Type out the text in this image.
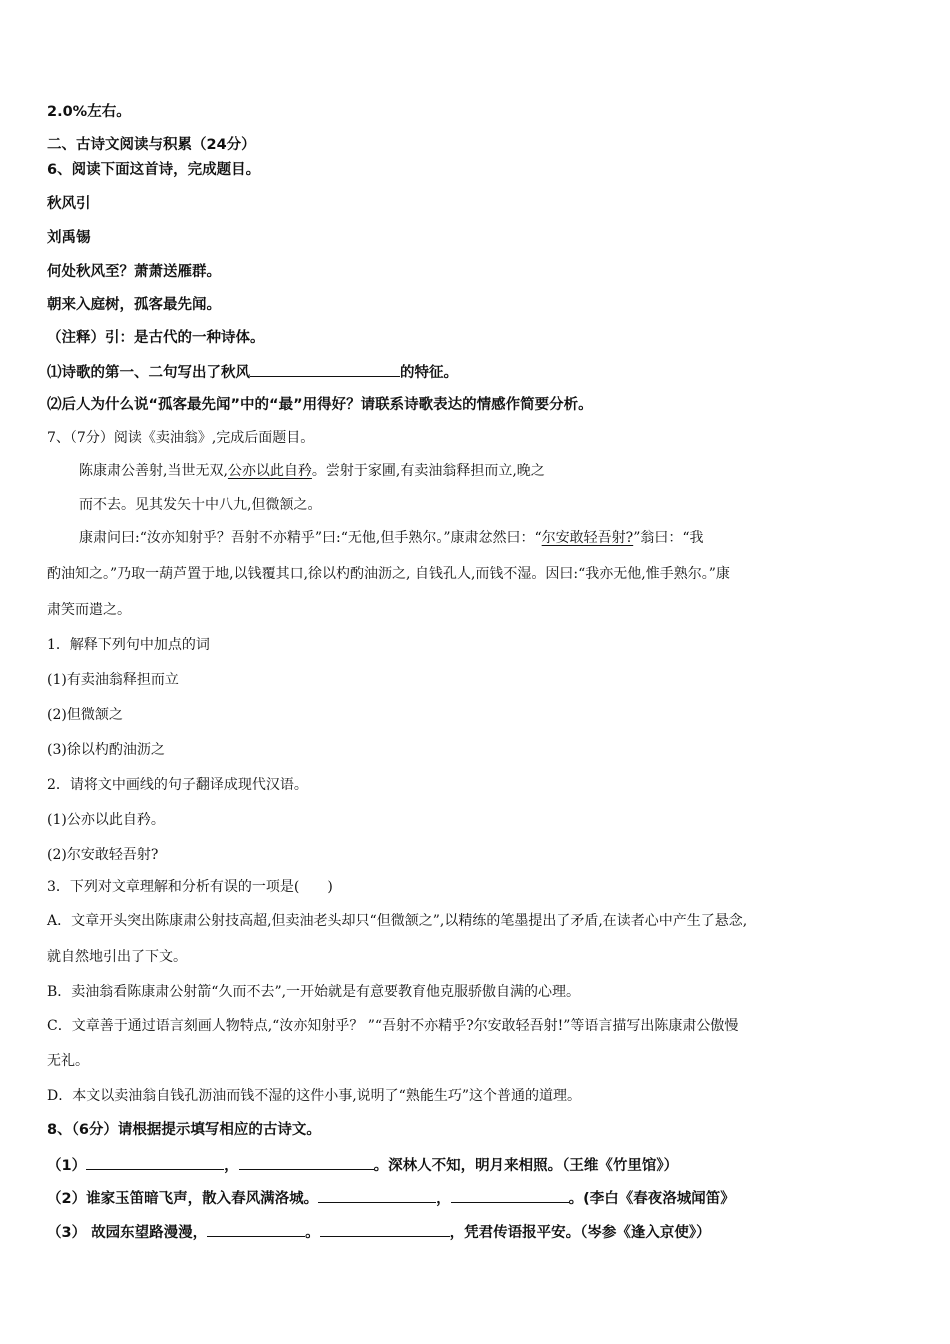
2.0%左右。
二、古诗文阅读与积累（24分）
6、阅读下面这首诗，完成题目。
秋风引
刘禹锡
何处秋风至？萧萧送雁群。
朝来入庭树，孤客最先闻。
（注释）引：是古代的一种诗体。
⑴诗歌的第一、二句写出了秋风	的特征。
⑵后人为什么说“孤客最先闻”中的“最”用得好？请联系诗歌表达的情感作简要分析。
7、（7分）阅读《卖油翁》,完成后面题目。
陈康肃公善射,当世无双,公亦以此自矜。尝射于家圃,有卖油翁释担而立,晚之
而不去。见其发矢十中八九,但微颔之。
康肃问曰:“汝亦知射乎？吾射不亦精乎”曰:“无他,但手熟尔。”康肃忿然曰：“尔安敢轻吾射?”翁曰：“我
酌油知之。”乃取一葫芦置于地,以钱覆其口,徐以杓酌油沥之, 自钱孔人,而钱不湿。因曰:“我亦无他,惟手熟尔。”康
肃笑而遣之。
1．解释下列句中加点的词
(1)有卖油翁释担而立
(2)但微颔之
(3)徐以杓酌油沥之
2．请将文中画线的句子翻译成现代汉语。
(1)公亦以此自矜。
(2)尔安敢轻吾射?
3．下列对文章理解和分析有误的一项是(　　)
A．文章开头突出陈康肃公射技高超,但卖油老头却只“但微颔之”,以精练的笔墨提出了矛盾,在读者心中产生了悬念,
就自然地引出了下文。
B．卖油翁看陈康肃公射箭“久而不去”,一开始就是有意要教育他克服骄傲自满的心理。
C．文章善于通过语言刻画人物特点,“汝亦知射乎？ ”“吾射不亦精乎?尔安敢轻吾射!”等语言描写出陈康肃公傲慢
无礼。
D．本文以卖油翁自钱孔沥油而钱不湿的这件小事,说明了“熟能生巧”这个普通的道理。
8、（6分）请根据提示填写相应的古诗文。
（1）	，	。深林人不知，明月来相照。（王维《竹里馆》）
（2）谁家玉笛暗飞声，散入春风满洛城。	，	。(李白《春夜洛城闻笛》
（3） 故园东望路漫漫，	。	，凭君传语报平安。（岑参《逢入京使》）
